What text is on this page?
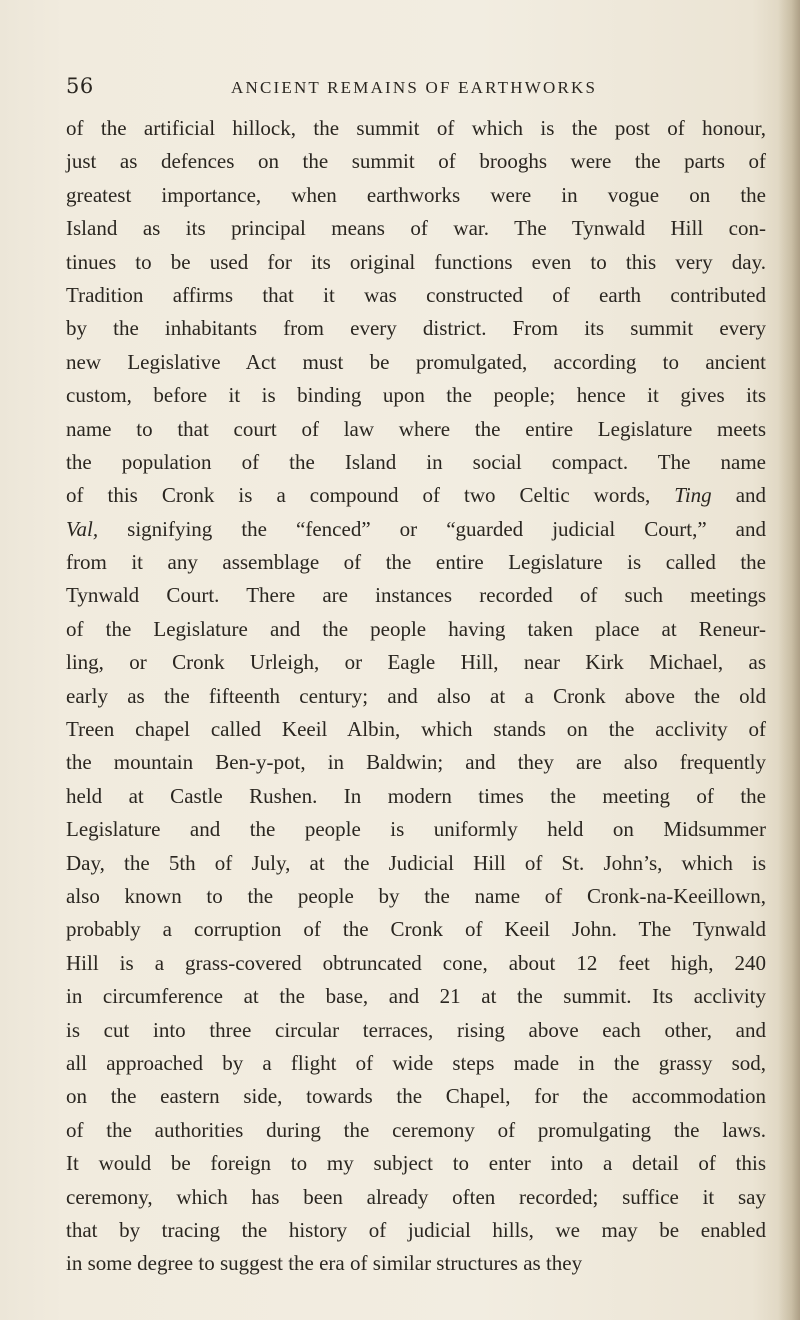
56	ANCIENT REMAINS OF EARTHWORKS
of the artificial hillock, the summit of which is the post of honour,
just as defences on the summit of brooghs were the parts of
greatest importance, when earthworks were in vogue on the
Island as its principal means of war. The Tynwald Hill con-
tinues to be used for its original functions even to this very day.
Tradition affirms that it was constructed of earth contributed
by the inhabitants from every district. From its summit every
new Legislative Act must be promulgated, according to ancient
custom, before it is binding upon the people; hence it gives its
name to that court of law where the entire Legislature meets
the population of the Island in social compact. The name
of this Cronk is a compound of two Celtic words, Ting and
Val, signifying the “fenced” or “guarded judicial Court,” and
from it any assemblage of the entire Legislature is called the
Tynwald Court. There are instances recorded of such meetings
of the Legislature and the people having taken place at Reneur-
ling, or Cronk Urleigh, or Eagle Hill, near Kirk Michael, as
early as the fifteenth century; and also at a Cronk above the old
Treen chapel called Keeil Albin, which stands on the acclivity of
the mountain Ben-y-pot, in Baldwin; and they are also frequently
held at Castle Rushen. In modern times the meeting of the
Legislature and the people is uniformly held on Midsummer
Day, the 5th of July, at the Judicial Hill of St. John’s, which is
also known to the people by the name of Cronk-na-Keeillown,
probably a corruption of the Cronk of Keeil John. The Tynwald
Hill is a grass-covered obtruncated cone, about 12 feet high, 240
in circumference at the base, and 21 at the summit. Its acclivity
is cut into three circular terraces, rising above each other, and
all approached by a flight of wide steps made in the grassy sod,
on the eastern side, towards the Chapel, for the accommodation
of the authorities during the ceremony of promulgating the laws.
It would be foreign to my subject to enter into a detail of this
ceremony, which has been already often recorded; suffice it say
that by tracing the history of judicial hills, we may be enabled
in some degree to suggest the era of similar structures as they
